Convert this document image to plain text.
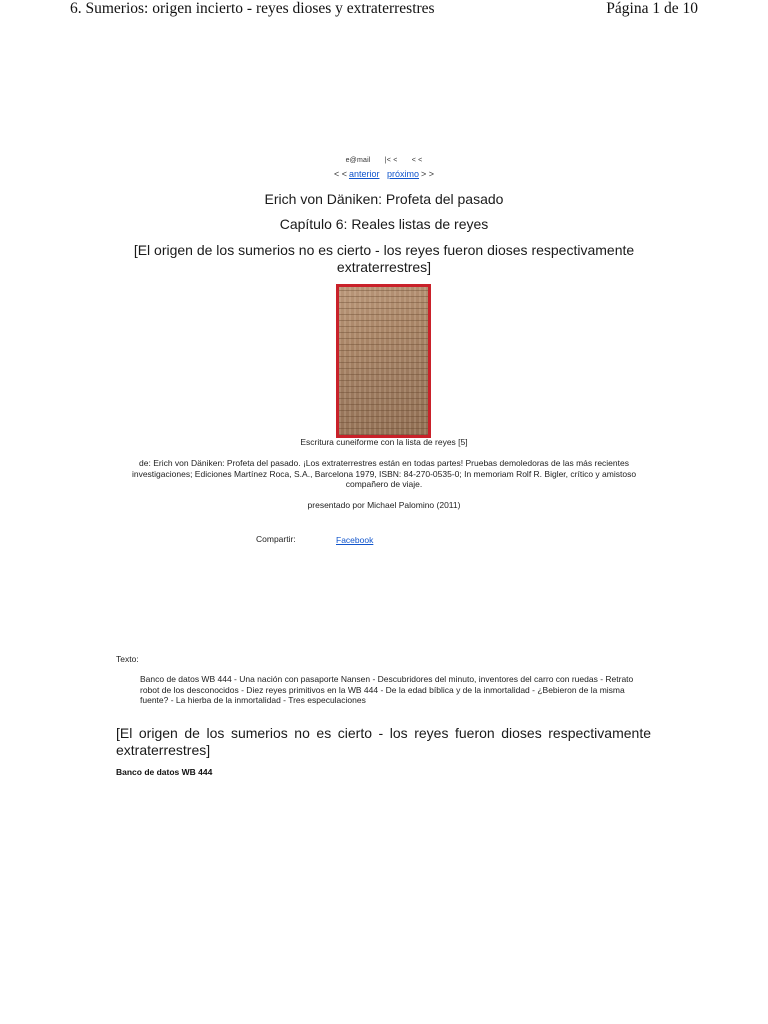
6. Sumerios: origen incierto - reyes dioses y extraterrestres	Página 1 de 10
e@mail |< < < <
< < anterior próximo > >
Erich von Däniken: Profeta del pasado
Capítulo 6: Reales listas de reyes
[El origen de los sumerios no es cierto - los reyes fueron dioses respectivamente extraterrestres]
Escritura cuneiforme con la lista de reyes [5]
de: Erich von Däniken: Profeta del pasado. ¡Los extraterrestres están en todas partes! Pruebas demoledoras de las más recientes investigaciones; Ediciones Martínez Roca, S.A., Barcelona 1979, ISBN: 84-270-0535-0; In memoriam Rolf R. Bigler, crítico y amistoso compañero de viaje.
presentado por Michael Palomino (2011)
Compartir:	Facebook
Texto:
Banco de datos WB 444 - Una nación con pasaporte Nansen - Descubridores del minuto, inventores del carro con ruedas - Retrato robot de los desconocidos - Diez reyes primitivos en la WB 444 - De la edad bíblica y de la inmortalidad - ¿Bebieron de la misma fuente? - La hierba de la inmortalidad - Tres especulaciones
[El origen de los sumerios no es cierto - los reyes fueron dioses respectivamente extraterrestres]
Banco de datos WB 444
